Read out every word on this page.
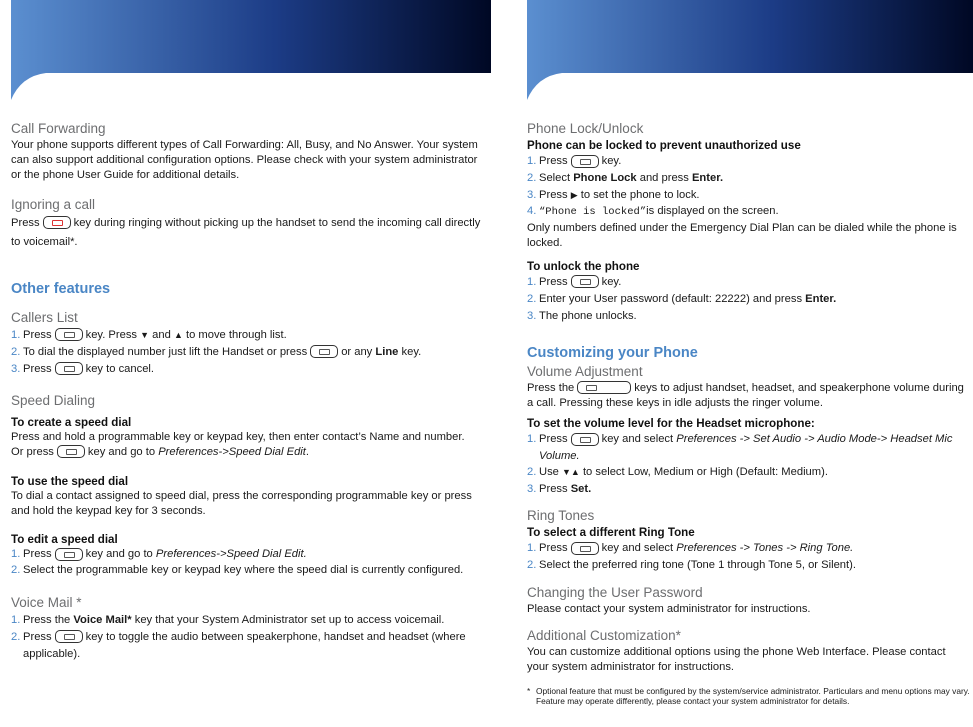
Call Forwarding

Your phone supports different types of Call Forwarding: All, Busy, and No Answer. Your system can also support additional configuration options. Please check with your system administrator or the phone User Guide for additional details.

Ignoring a call

Press	key during ringing without picking up the handset to send the incoming call directly to voicemail*.

Other features
Callers List
1. Press	key. Press ▼ and ▲ to move through list.
2. To dial the displayed number just lift the Handset or press	or any Line key.
3. Press	key to cancel.
Speed Dialing
To create a speed dial

Press and hold a programmable key or keypad key, then enter contact’s Name and number.

Or press	key and go to Preferences->Speed Dial Edit.

To use the speed dial

To dial a contact assigned to speed dial, press the corresponding programmable key or press and hold the keypad key for 3 seconds.

To edit a speed dial
1. Press	key and go to Preferences->Speed Dial Edit.
2. Select the programmable key or keypad key where the speed dial is currently configured.
Voice Mail *
1. Press the Voice Mail* key that your System Administrator set up to access voicemail.
2. Press	key to toggle the audio between speakerphone, handset and headset (where applicable).
Phone Lock/Unlock
Phone can be locked to prevent unauthorized use
1. Press	key.
2. Select Phone Lock and press Enter.
3. Press ▶ to set the phone to lock.
4. “Phone is locked”is displayed on the screen.

Only numbers defined under the Emergency Dial Plan can be dialed while the phone is locked.

To unlock the phone
1. Press	key.
2. Enter your User password (default: 22222) and press Enter.
3. The phone unlocks.
Customizing your Phone
Volume Adjustment

Press the	keys to adjust handset, headset, and speakerphone volume during a call. Pressing these keys in idle adjusts the ringer volume.

To set the volume level for the Headset microphone:
1. Press	key and select Preferences -> Set Audio -> Audio Mode-> Headset Mic Volume.
2. Use ▼▲ to select Low, Medium or High (Default: Medium).
3. Press Set.
Ring Tones
To select a different Ring Tone
1. Press	key and select Preferences -> Tones -> Ring Tone.
2. Select the preferred ring tone (Tone 1 through Tone 5, or Silent).
Changing the User Password

Please contact your system administrator for instructions.

Additional Customization*

You can customize additional options using the phone Web Interface. Please contact your system administrator for instructions.

* Optional feature that must be configured by the system/service administrator. Particulars and menu options may vary. Feature may operate differently, please contact your system administrator for details.
